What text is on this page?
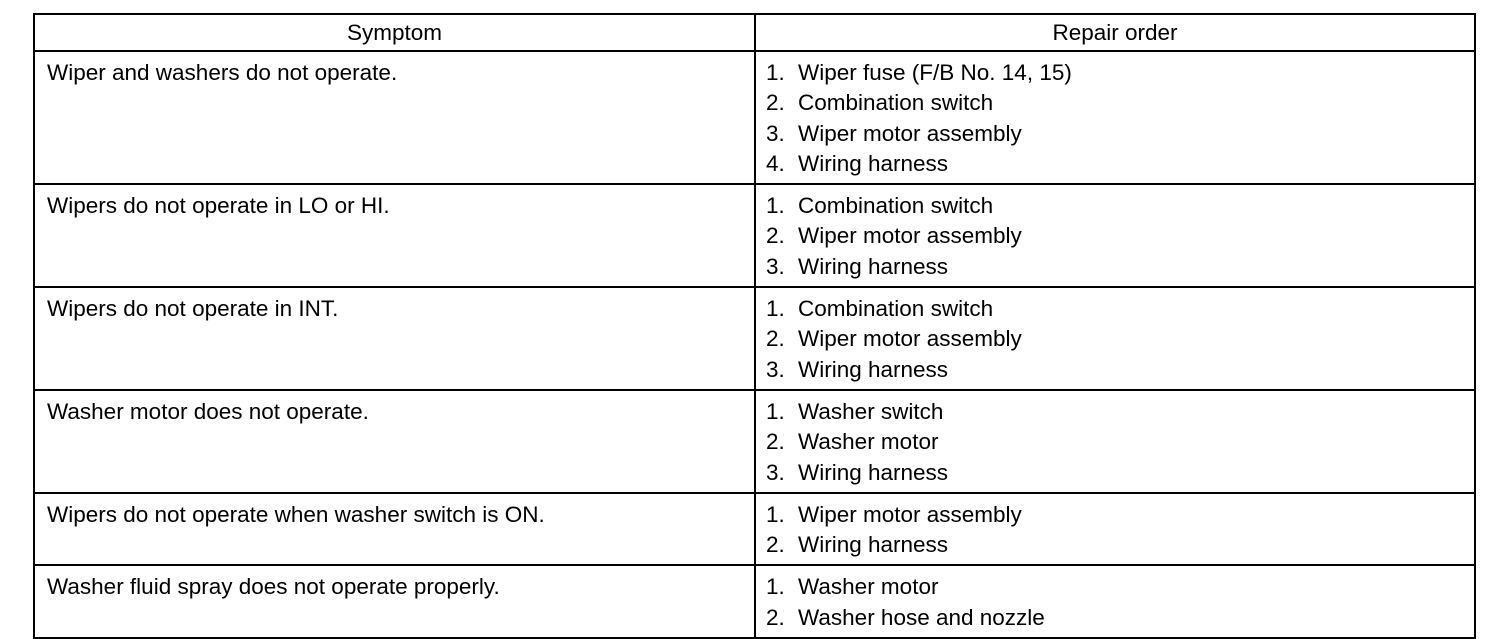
Symptom	Repair order
Wiper and washers do not operate.	1. Wiper fuse (F/B No. 14, 15)
2. Combination switch
3. Wiper motor assembly
4. Wiring harness

Wipers do not operate in LO or HI.	1. Combination switch
2. Wiper motor assembly
3. Wiring harness

Wipers do not operate in INT.	1. Combination switch
2. Wiper motor assembly
3. Wiring harness

Washer motor does not operate.	1. Washer switch
2. Washer motor
3. Wiring harness

Wipers do not operate when washer switch is ON.	1. Wiper motor assembly
2. Wiring harness

Washer fluid spray does not operate properly.	1. Washer motor
2. Washer hose and nozzle
